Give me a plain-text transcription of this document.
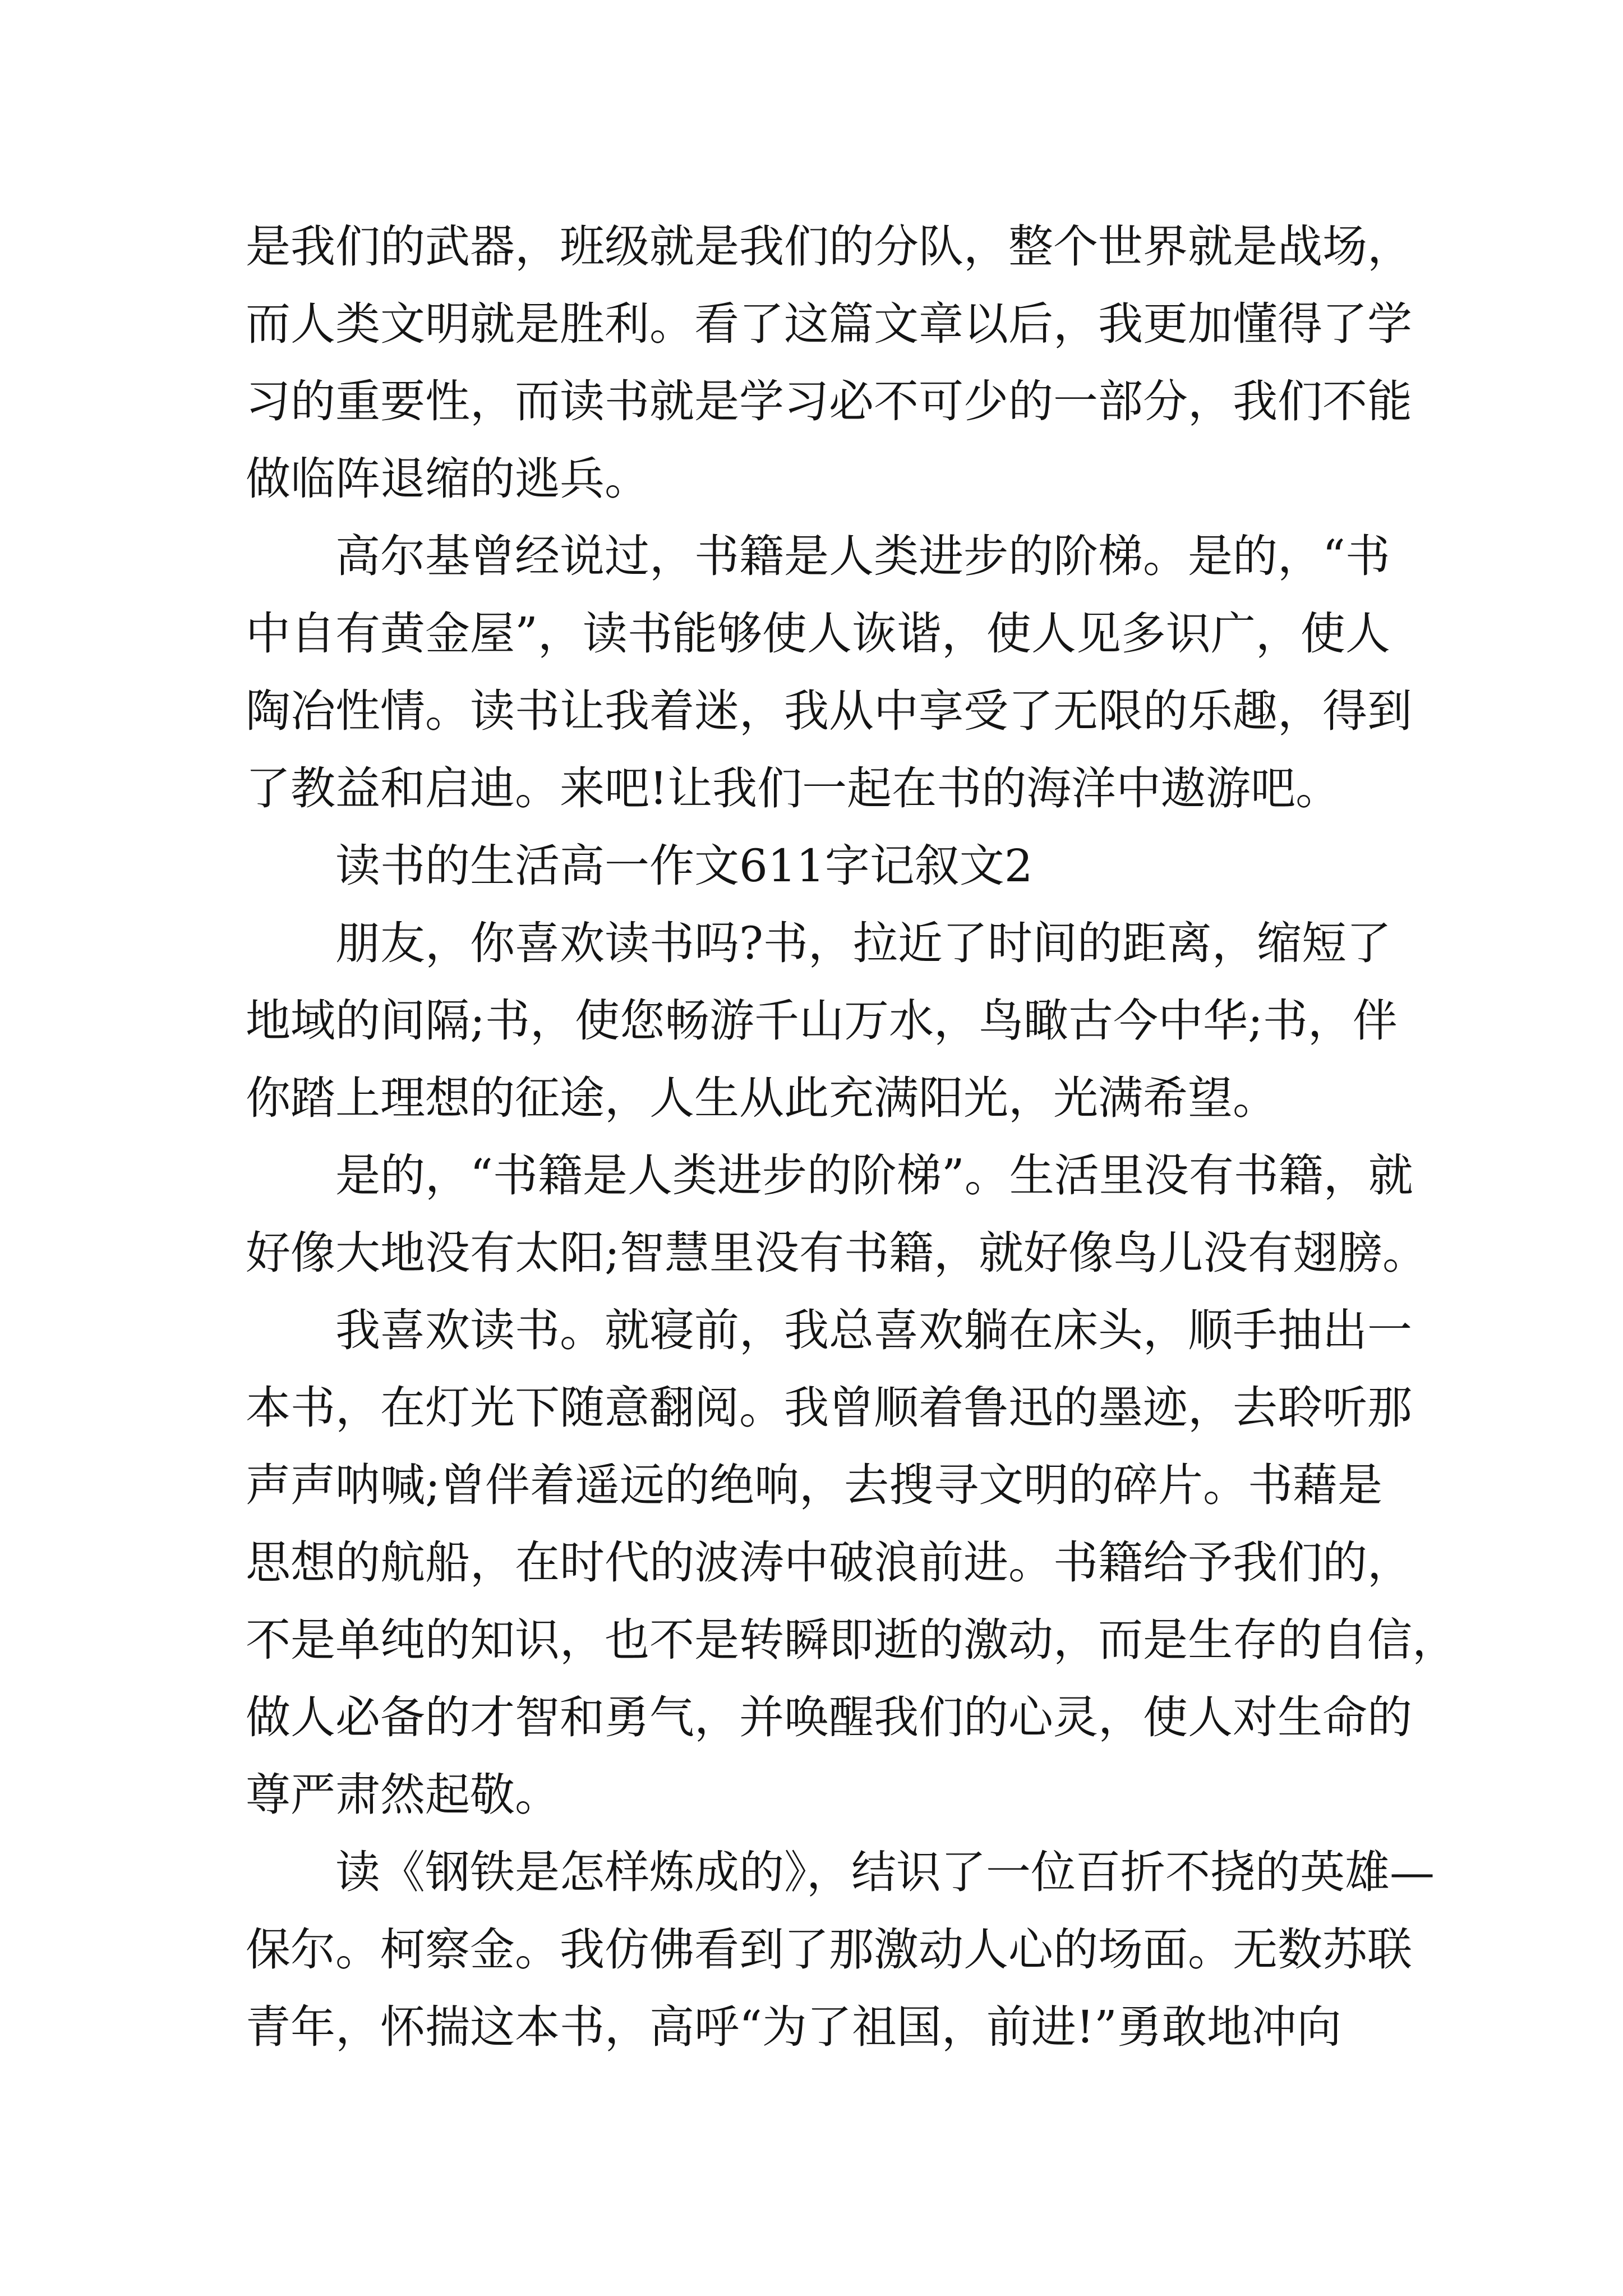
是我们的武器，班级就是我们的分队，整个世界就是战场，
而人类文明就是胜利。看了这篇文章以后，我更加懂得了学
习的重要性，而读书就是学习必不可少的一部分，我们不能
做临阵退缩的逃兵。
高尔基曾经说过，书籍是人类进步的阶梯。是的，“书
中自有黄金屋”，读书能够使人诙谐，使人见多识广，使人
陶冶性情。读书让我着迷，我从中享受了无限的乐趣，得到
了教益和启迪。来吧!让我们一起在书的海洋中遨游吧。
读书的生活高一作文611字记叙文2
朋友，你喜欢读书吗?书，拉近了时间的距离，缩短了
地域的间隔;书，使您畅游千山万水，鸟瞰古今中华;书，伴
你踏上理想的征途，人生从此充满阳光，光满希望。
是的，“书籍是人类进步的阶梯”。生活里没有书籍，就
好像大地没有太阳;智慧里没有书籍，就好像鸟儿没有翅膀。
我喜欢读书。就寝前，我总喜欢躺在床头，顺手抽出一
本书，在灯光下随意翻阅。我曾顺着鲁迅的墨迹，去聆听那
声声呐喊;曾伴着遥远的绝响，去搜寻文明的碎片。书藉是
思想的航船，在时代的波涛中破浪前进。书籍给予我们的，
不是单纯的知识，也不是转瞬即逝的激动，而是生存的自信，
做人必备的才智和勇气，并唤醒我们的心灵，使人对生命的
尊严肃然起敬。
读《钢铁是怎样炼成的》，结识了一位百折不挠的英雄—
保尔。柯察金。我仿佛看到了那激动人心的场面。无数苏联
青年，怀揣这本书，高呼“为了祖国，前进!”勇敢地冲向
